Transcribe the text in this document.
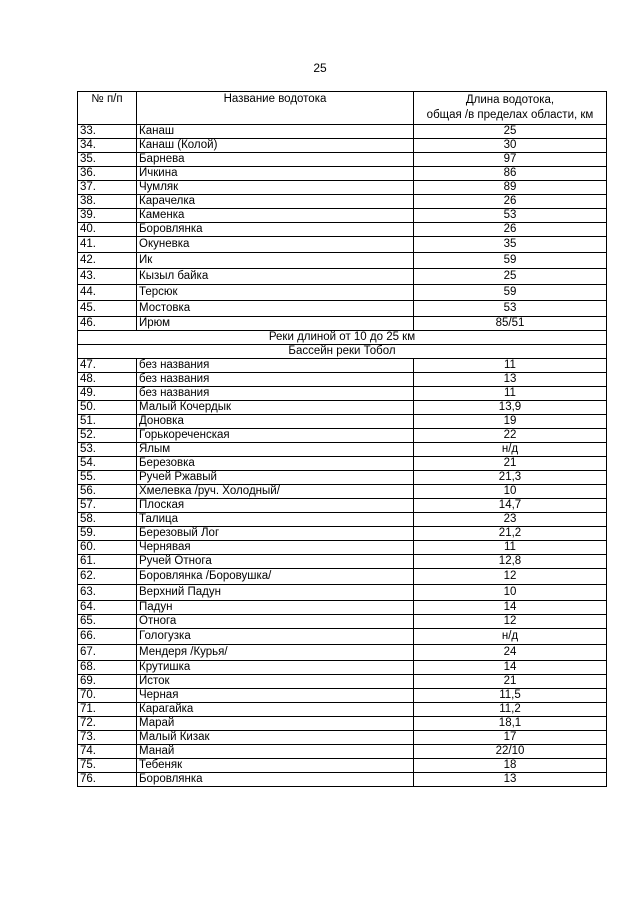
25
№ п/п	Название водотока	Длина водотока,
общая /в пределах области, км

33.	Канаш	25
34.	Канаш (Колой)	30
35.	Барнева	97
36.	Ичкина	86
37.	Чумляк	89
38.	Карачелка	26
39.	Каменка	53
40.	Боровлянка	26
41.	Окуневка	35
42.	Ик	59
43.	Кызыл байка	25
44.	Терсюк	59
45.	Мостовка	53
46.	Ирюм	85/51
Реки длиной от 10 до 25 км		
Бассейн реки Тобол		
47.	без названия	11
48.	без названия	13
49.	без названия	11
50.	Малый Кочердык	13,9
51.	Доновка	19
52.	Горькореченская	22
53.	Ялым	н/д
54.	Березовка	21
55.	Ручей Ржавый	21,3
56.	Хмелевка /руч. Холодный/	10
57.	Плоская	14,7
58.	Талица	23
59.	Березовый Лог	21,2
60.	Чернявая	11
61.	Ручей Отнога	12,8
62.	Боровлянка /Боровушка/	12
63.	Верхний Падун	10
64.	Падун	14
65.	Отнога	12
66.	Гологузка	н/д
67.	Мендеря /Курья/	24
68.	Крутишка	14
69.	Исток	21
70.	Черная	11,5
71.	Карагайка	11,2
72.	Марай	18,1
73.	Малый Кизак	17
74.	Манай	22/10
75.	Тебеняк	18
76.	Боровлянка	13
